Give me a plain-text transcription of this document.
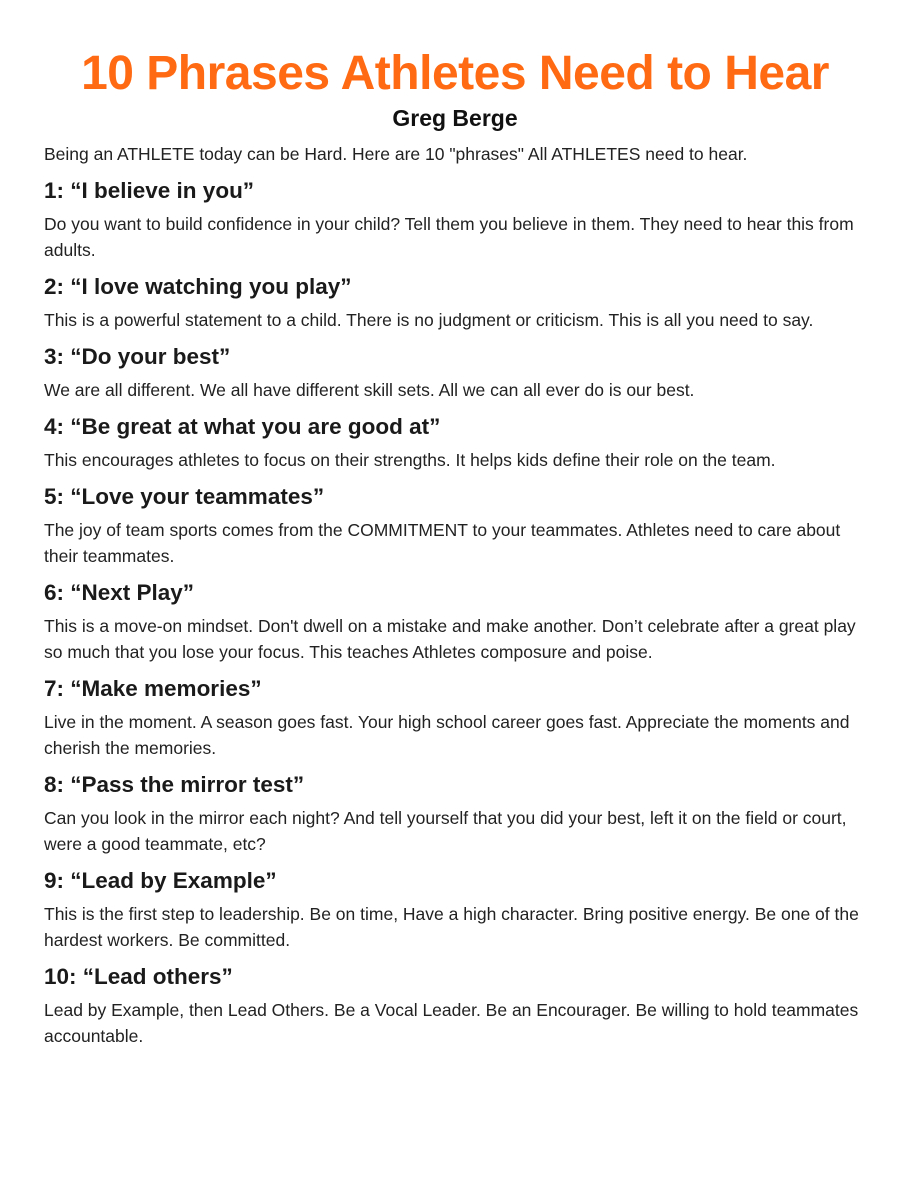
10 Phrases Athletes Need to Hear
Greg Berge

Being an ATHLETE today can be Hard. Here are 10 "phrases" All ATHLETES need to hear.

1: “I believe in you”

Do you want to build confidence in your child? Tell them you believe in them. They need to hear this from adults.

2: “I love watching you play”

This is a powerful statement to a child. There is no judgment or criticism. This is all you need to say.

3: “Do your best”

We are all different. We all have different skill sets. All we can all ever do is our best.

4: “Be great at what you are good at”

This encourages athletes to focus on their strengths. It helps kids define their role on the team.

5: “Love your teammates”

The joy of team sports comes from the COMMITMENT to your teammates. Athletes need to care about their teammates.

6: “Next Play”

This is a move-on mindset. Don't dwell on a mistake and make another. Don’t celebrate after a great play so much that you lose your focus. This teaches Athletes composure and poise.

7: “Make memories”

Live in the moment. A season goes fast. Your high school career goes fast. Appreciate the moments and cherish the memories.

8: “Pass the mirror test”

Can you look in the mirror each night? And tell yourself that you did your best, left it on the field or court, were a good teammate, etc?

9: “Lead by Example”

This is the first step to leadership. Be on time, Have a high character. Bring positive energy. Be one of the hardest workers. Be committed.

10: “Lead others”

Lead by Example, then Lead Others. Be a Vocal Leader. Be an Encourager. Be willing to hold teammates accountable.
